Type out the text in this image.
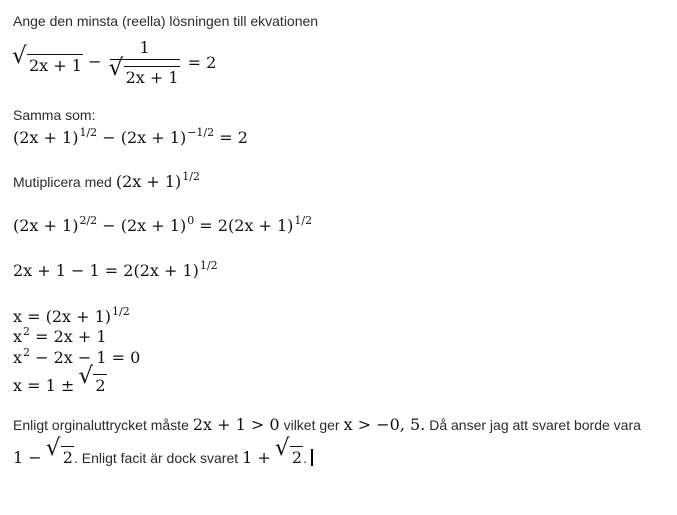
Ange den minsta (reella) lösningen till ekvationen
√ $2x + 1 - \frac{1}{√ 2x + 1} = 2$
Samma som:
$(2x + 1)^{1/2} - (2x + 1)^{-1/2} = 2$
Mutiplicera med $(2x + 1)^{1/2}$
$(2x + 1)^{2/2} - (2x + 1)^0 = 2(2x + 1)^{1/2}$
$2x + 1 - 1 = 2(2x + 1)^{1/2}$
$x = (2x + 1)^{1/2}$
$x^2 = 2x + 1$
$x^2 - 2x - 1 = 0$
x = 1 ± √ 2
Enligt orginaluttrycket måste 2x + 1 > 0 vilket ger x > −0, 5. Då anser jag att svaret borde vara
1 − √ 2. Enligt facit är dock svaret 1 + √ 2.
